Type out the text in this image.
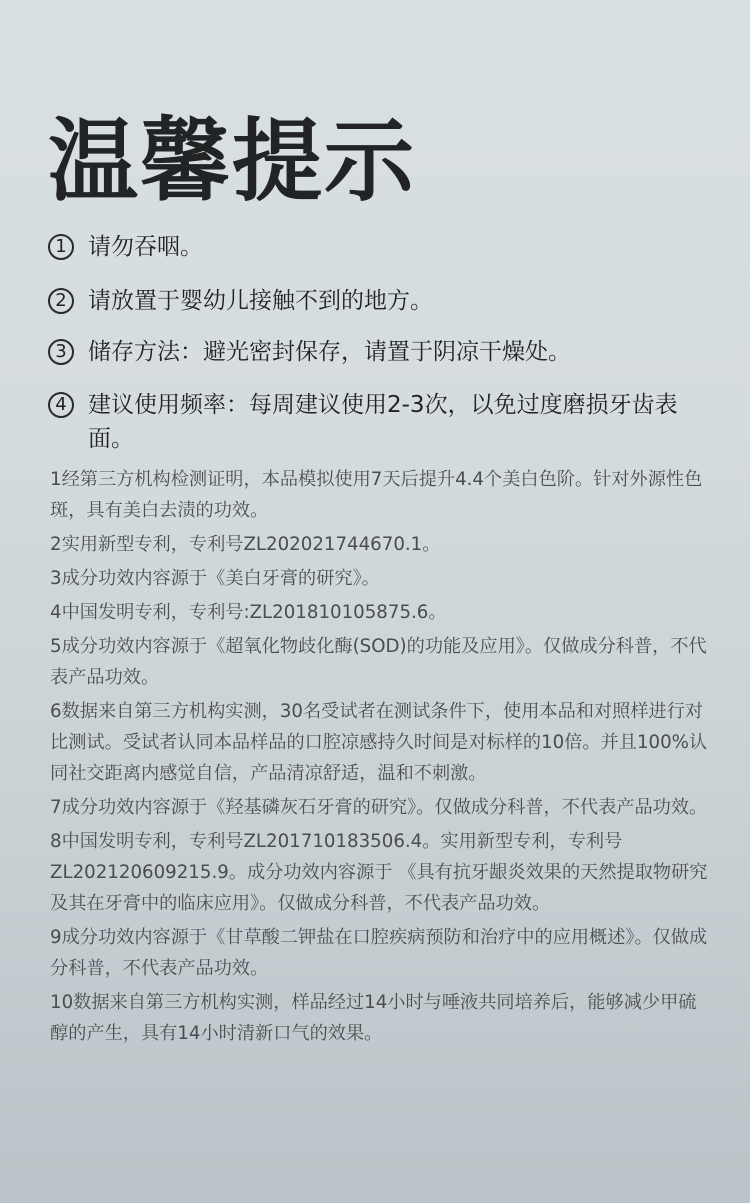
温馨提示
1 请勿吞咽。
2 请放置于婴幼儿接触不到的地方。
3 储存方法：避光密封保存，请置于阴凉干燥处。
4 建议使用频率：每周建议使用2-3次，以免过度磨损牙齿表面。
1经第三方机构检测证明，本品模拟使用7天后提升4.4个美白色阶。针对外源性色斑，具有美白去渍的功效。
2实用新型专利，专利号ZL202021744670.1。
3成分功效内容源于《美白牙膏的研究》。
4中国发明专利，专利号:ZL201810105875.6。
5成分功效内容源于《超氧化物歧化酶(SOD)的功能及应用》。仅做成分科普，不代表产品功效。
6数据来自第三方机构实测，30名受试者在测试条件下，使用本品和对照样进行对比测试。受试者认同本品样品的口腔凉感持久时间是对标样的10倍。并且100%认同社交距离内感觉自信，产品清凉舒适，温和不刺激。
7成分功效内容源于《羟基磷灰石牙膏的研究》。仅做成分科普，不代表产品功效。
8中国发明专利，专利号ZL201710183506.4。实用新型专利，专利号ZL202120609215.9。成分功效内容源于 《具有抗牙龈炎效果的天然提取物研究及其在牙膏中的临床应用》。仅做成分科普，不代表产品功效。
9成分功效内容源于《甘草酸二钾盐在口腔疾病预防和治疗中的应用概述》。仅做成分科普，不代表产品功效。
10数据来自第三方机构实测，样品经过14小时与唾液共同培养后，能够减少甲硫醇的产生，具有14小时清新口气的效果。
